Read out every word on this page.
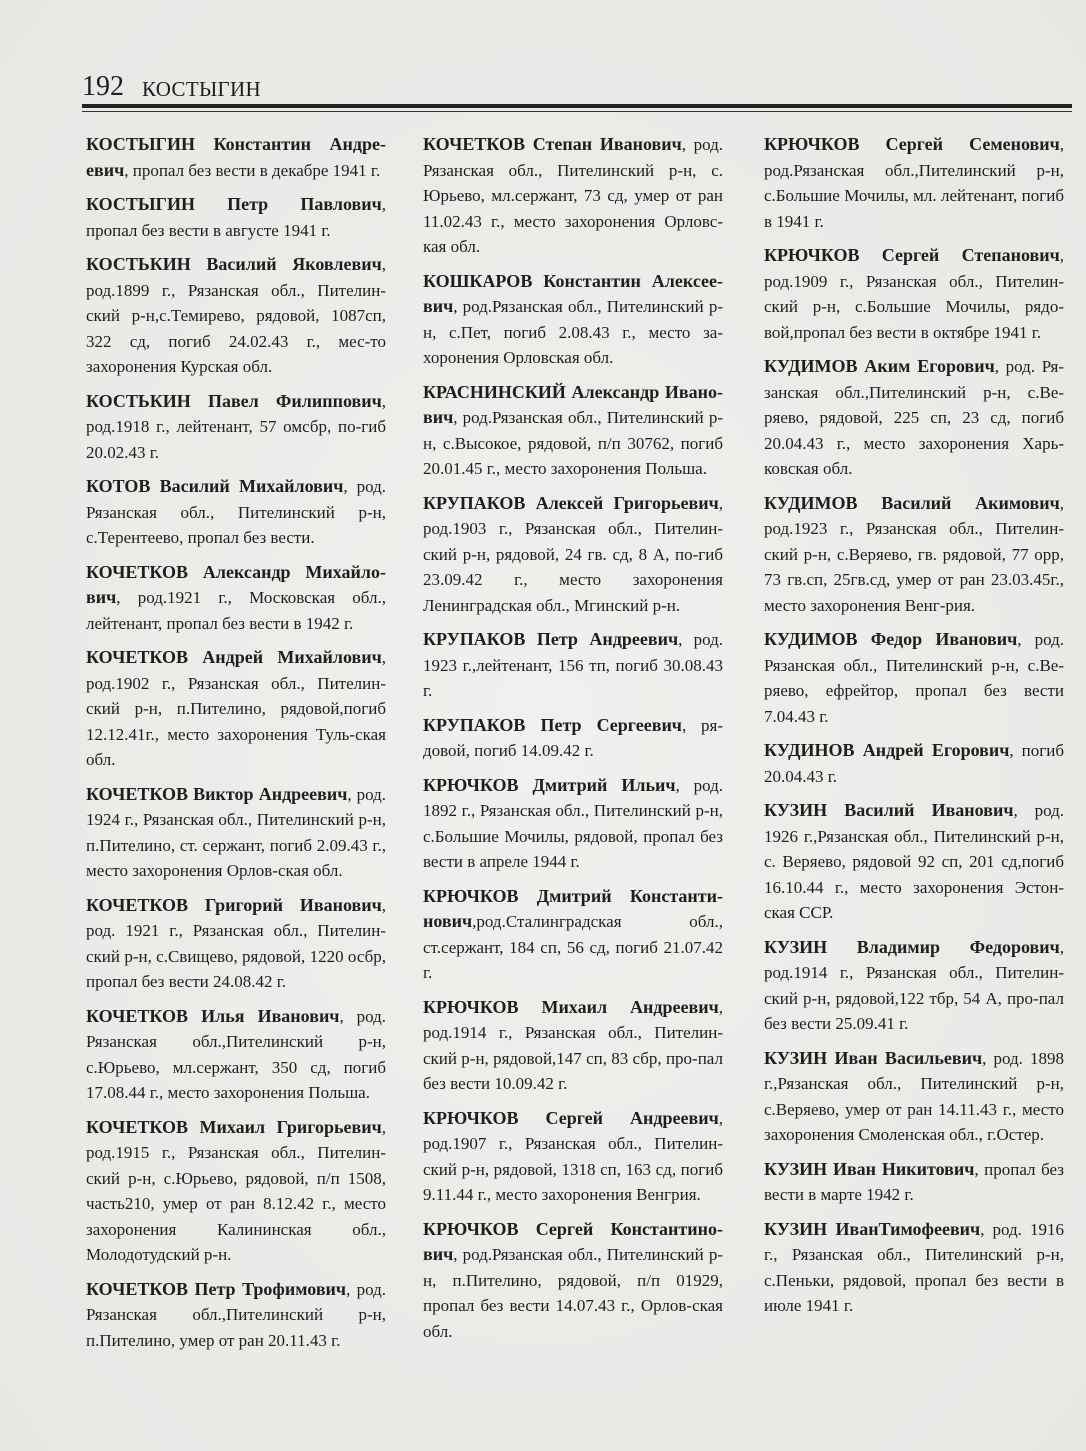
192 КОСТЫГИН

КОСТЫГИН Константин Андре-евич, пропал без вести в декабре 1941 г.

КОСТЫГИН Петр Павлович, пропал без вести в августе 1941 г.

КОСТЬКИН Василий Яковлевич, род.1899 г., Рязанская обл., Пителин-ский р-н,с.Темирево, рядовой, 1087сп, 322 сд, погиб 24.02.43 г., мес-то захоронения Курская обл.

КОСТЬКИН Павел Филиппович, род.1918 г., лейтенант, 57 омсбр, по-гиб 20.02.43 г.

КОТОВ Василий Михайлович, род. Рязанская обл., Пителинский р-н, с.Терентеево, пропал без вести.

КОЧЕТКОВ Александр Михайло-вич, род.1921 г., Московская обл., лейтенант, пропал без вести в 1942 г.

КОЧЕТКОВ Андрей Михайлович, род.1902 г., Рязанская обл., Пителин-ский р-н, п.Пителино, рядовой,погиб 12.12.41г., место захоронения Туль-ская обл.

КОЧЕТКОВ Виктор Андреевич, род. 1924 г., Рязанская обл., Пителинский р-н, п.Пителино, ст. сержант, погиб 2.09.43 г., место захоронения Орлов-ская обл.

КОЧЕТКОВ Григорий Иванович, род. 1921 г., Рязанская обл., Пителин-ский р-н, с.Свищево, рядовой, 1220 осбр, пропал без вести 24.08.42 г.

КОЧЕТКОВ Илья Иванович, род. Рязанская обл.,Пителинский р-н, с.Юрьево, мл.сержант, 350 сд, погиб 17.08.44 г., место захоронения Польша.

КОЧЕТКОВ Михаил Григорьевич, род.1915 г., Рязанская обл., Пителин-ский р-н, с.Юрьево, рядовой, п/п 1508, часть210, умер от ран 8.12.42 г., место захоронения Калининская обл., Молодотудский р-н.

КОЧЕТКОВ Петр Трофимович, род. Рязанская обл.,Пителинский р-н, п.Пителино, умер от ран 20.11.43 г.

КОЧЕТКОВ Степан Иванович, род. Рязанская обл., Пителинский р-н, с. Юрьево, мл.сержант, 73 сд, умер от ран 11.02.43 г., место захоронения Орловс-кая обл.

КОШКАРОВ Константин Алексее-вич, род.Рязанская обл., Пителинский р-н, с.Пет, погиб 2.08.43 г., место за-хоронения Орловская обл.

КРАСНИНСКИЙ Александр Ивано-вич, род.Рязанская обл., Пителинский р-н, с.Высокое, рядовой, п/п 30762, погиб 20.01.45 г., место захоронения Польша.

КРУПАКОВ Алексей Григорьевич, род.1903 г., Рязанская обл., Пителин-ский р-н, рядовой, 24 гв. сд, 8 А, по-гиб 23.09.42 г., место захоронения Ленинградская обл., Мгинский р-н.

КРУПАКОВ Петр Андреевич, род. 1923 г.,лейтенант, 156 тп, погиб 30.08.43 г.

КРУПАКОВ Петр Сергеевич, ря-довой, погиб 14.09.42 г.

КРЮЧКОВ Дмитрий Ильич, род. 1892 г., Рязанская обл., Пителинский р-н, с.Большие Мочилы, рядовой, пропал без вести в апреле 1944 г.

КРЮЧКОВ Дмитрий Константи-нович,род.Сталинградская обл., ст.сержант, 184 сп, 56 сд, погиб 21.07.42 г.

КРЮЧКОВ Михаил Андреевич, род.1914 г., Рязанская обл., Пителин-ский р-н, рядовой,147 сп, 83 сбр, про-пал без вести 10.09.42 г.

КРЮЧКОВ Сергей Андреевич, род.1907 г., Рязанская обл., Пителин-ский р-н, рядовой, 1318 сп, 163 сд, погиб 9.11.44 г., место захоронения Венгрия.

КРЮЧКОВ Сергей Константино-вич, род.Рязанская обл., Пителинский р-н, п.Пителино, рядовой, п/п 01929, пропал без вести 14.07.43 г., Орлов-ская обл.

КРЮЧКОВ Сергей Семенович, род.Рязанская обл.,Пителинский р-н, с.Большие Мочилы, мл. лейтенант, погиб в 1941 г.

КРЮЧКОВ Сергей Степанович, род.1909 г., Рязанская обл., Пителин-ский р-н, с.Большие Мочилы, рядо-вой,пропал без вести в октябре 1941 г.

КУДИМОВ Аким Егорович, род. Ря-занская обл.,Пителинский р-н, с.Ве-ряево, рядовой, 225 сп, 23 сд, погиб 20.04.43 г., место захоронения Харь-ковская обл.

КУДИМОВ Василий Акимович, род.1923 г., Рязанская обл., Пителин-ский р-н, с.Веряево, гв. рядовой, 77 орр, 73 гв.сп, 25гв.сд, умер от ран 23.03.45г., место захоронения Венг-рия.

КУДИМОВ Федор Иванович, род. Рязанская обл., Пителинский р-н, с.Ве-ряево, ефрейтор, пропал без вести 7.04.43 г.

КУДИНОВ Андрей Егорович, погиб 20.04.43 г.

КУЗИН Василий Иванович, род. 1926 г.,Рязанская обл., Пителинский р-н, с. Веряево, рядовой 92 сп, 201 сд,погиб 16.10.44 г., место захоронения Эстон-ская ССР.

КУЗИН Владимир Федорович, род.1914 г., Рязанская обл., Пителин-ский р-н, рядовой,122 тбр, 54 А, про-пал без вести 25.09.41 г.

КУЗИН Иван Васильевич, род. 1898 г.,Рязанская обл., Пителинский р-н, с.Веряево, умер от ран 14.11.43 г., место захоронения Смоленская обл., г.Остер.

КУЗИН Иван Никитович, пропал без вести в марте 1942 г.

КУЗИН ИванТимофеевич, род. 1916 г., Рязанская обл., Пителинский р-н, с.Пеньки, рядовой, пропал без вести в июле 1941 г.
